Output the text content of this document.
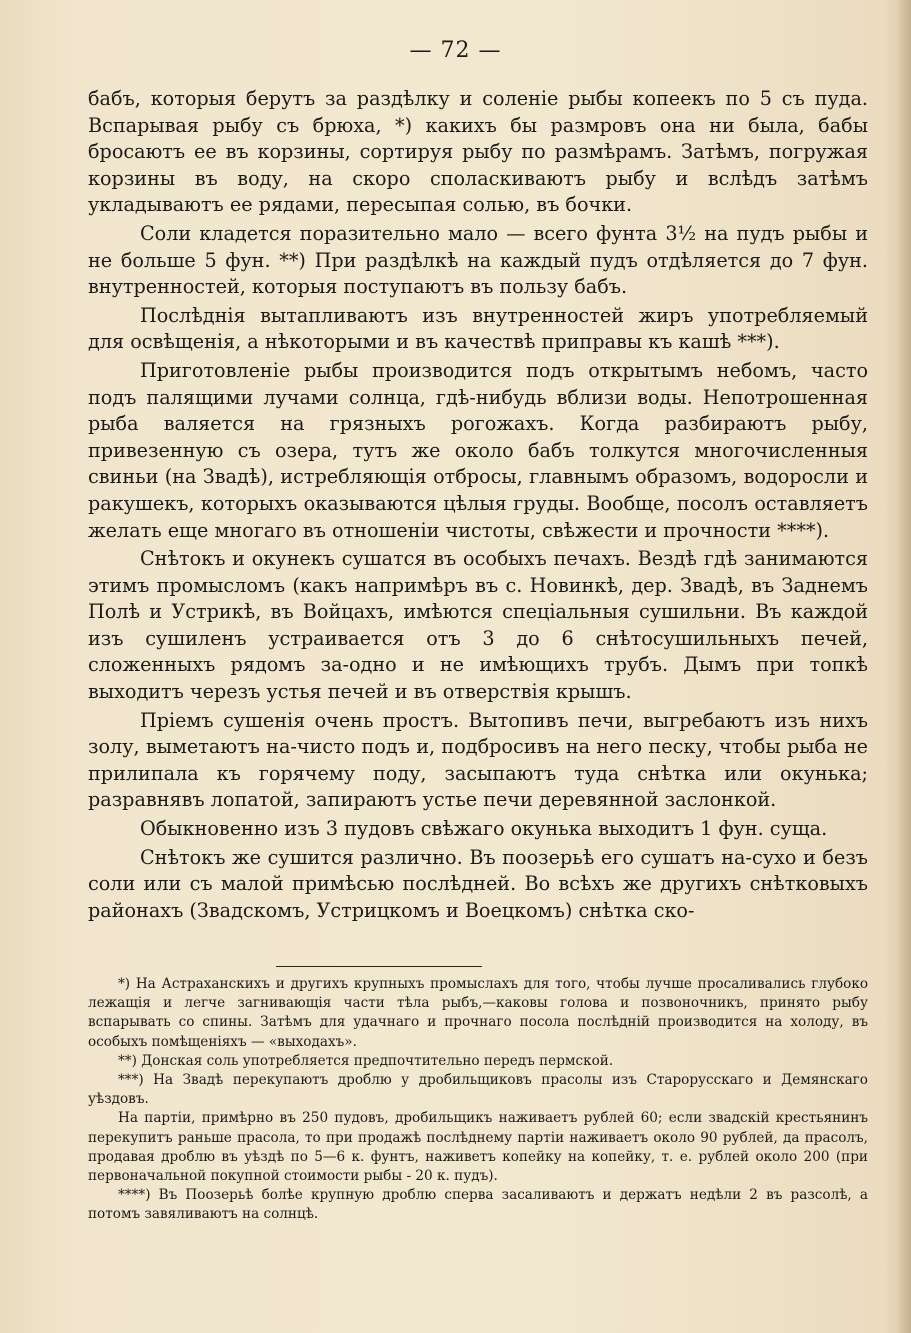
— 72 —

бабъ, которыя берутъ за раздѣлку и соленіе рыбы копеекъ по 5 съ пуда. Вспарывая рыбу съ брюха, *) какихъ бы размровъ она ни была, бабы бросаютъ ее въ корзины, сортируя рыбу по размѣрамъ. Затѣмъ, погружая корзины въ воду, на скоро споласкиваютъ рыбу и вслѣдъ затѣмъ укладываютъ ее рядами, пересыпая солью, въ бочки.

Соли кладется поразительно мало — всего фунта 3½ на пудъ рыбы и не больше 5 фун. **) При раздѣлкѣ на каждый пудъ отдѣляется до 7 фун. внутренностей, которыя поступаютъ въ пользу бабъ.

Послѣднія вытапливаютъ изъ внутренностей жиръ употребляемый для освѣщенія, а нѣкоторыми и въ качествѣ приправы къ кашѣ ***).

Приготовленіе рыбы производится подъ открытымъ небомъ, часто подъ палящими лучами солнца, гдѣ-нибудь вблизи воды. Непотрошенная рыба валяется на грязныхъ рогожахъ. Когда разбираютъ рыбу, привезенную съ озера, тутъ же около бабъ толкутся многочисленныя свиньи (на Звадѣ), истребляющія отбросы, главнымъ образомъ, водоросли и ракушекъ, которыхъ оказываются цѣлыя груды. Вообще, посолъ оставляетъ желать еще многаго въ отношеніи чистоты, свѣжести и прочности ****).

Снѣтокъ и окунекъ сушатся въ особыхъ печахъ. Вездѣ гдѣ занимаются этимъ промысломъ (какъ напримѣръ въ с. Новинкѣ, дер. Звадѣ, въ Заднемъ Полѣ и Устрикѣ, въ Войцахъ, имѣются спеціальныя сушильни. Въ каждой изъ сушиленъ устраивается отъ 3 до 6 снѣтосушильныхъ печей, сложенныхъ рядомъ за-одно и не имѣющихъ трубъ. Дымъ при топкѣ выходитъ черезъ устья печей и въ отверствія крышъ.

Пріемъ сушенія очень простъ. Вытопивъ печи, выгребаютъ изъ нихъ золу, выметаютъ на-чисто подъ и, подбросивъ на него песку, чтобы рыба не прилипала къ горячему поду, засыпаютъ туда снѣтка или окунька; разравнявъ лопатой, запираютъ устье печи деревянной заслонкой.

Обыкновенно изъ 3 пудовъ свѣжаго окунька выходитъ 1 фун. суща.

Снѣтокъ же сушится различно. Въ поозерьѣ его сушатъ на-сухо и безъ соли или съ малой примѣсью послѣдней. Во всѣхъ же другихъ снѣтковыхъ районахъ (Звадскомъ, Устрицкомъ и Воецкомъ) снѣтка ско-

*) На Астраханскихъ и другихъ крупныхъ промыслахъ для того, чтобы лучше просаливались глубоко лежащія и легче загнивающія части тѣла рыбъ,—каковы голова и позвоночникъ, принято рыбу вспарывать со спины. Затѣмъ для удачнаго и прочнаго посола послѣдній производится на холоду, въ особыхъ помѣщеніяхъ — «выходахъ».

**) Донская соль употребляется предпочтительно передъ пермской.

***) На Звадѣ перекупаютъ дроблю у дробильщиковъ прасолы изъ Старорусскаго и Демянскаго уѣздовъ.

На партіи, примѣрно въ 250 пудовъ, дробильщикъ наживаетъ рублей 60; если звадскій крестьянинъ перекупитъ раньше прасола, то при продажѣ послѣднему партіи наживаетъ около 90 рублей, да прасолъ, продавая дроблю въ уѣздѣ по 5—6 к. фунтъ, наживетъ копейку на копейку, т. е. рублей около 200 (при первоначальной покупной стоимости рыбы - 20 к. пудъ).

****) Въ Поозерьѣ болѣе крупную дроблю сперва засаливаютъ и держатъ недѣли 2 въ разсолѣ, а потомъ завяливаютъ на солнцѣ.
